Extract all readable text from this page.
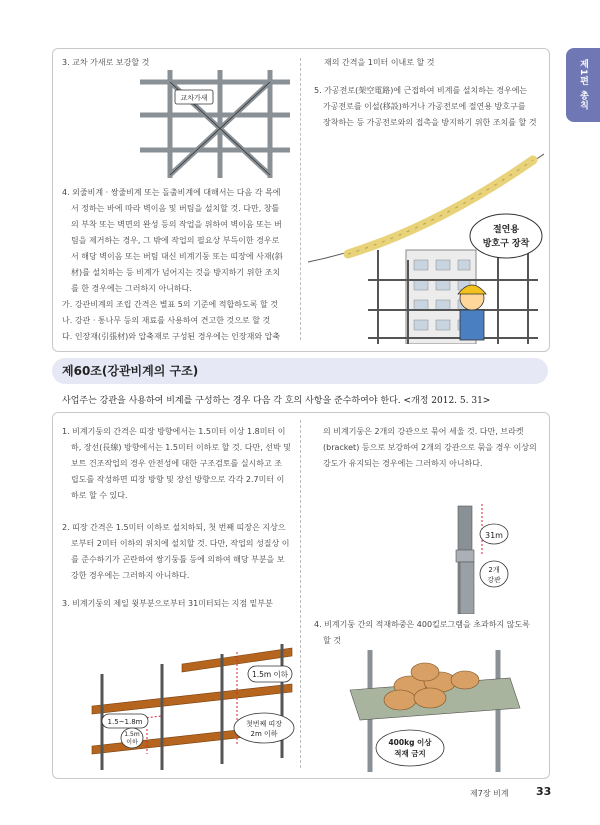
제1편 총칙
3. 교차 가새로 보강할 것
교차가새
4. 외줄비계 · 쌍줄비계 또는 돌출비계에 대해서는 다음 각 목에
서 정하는 바에 따라 벽이음 및 버팀을 설치할 것. 다만, 창틀
의 부착 또는 벽면의 완성 등의 작업을 위하여 벽이음 또는 버
팀을 제거하는 경우, 그 밖에 작업의 필요상 부득이한 경우로
서 해당 벽이음 또는 버팀 대신 비계기둥 또는 띠장에 사재(斜
材)를 설치하는 등 비계가 넘어지는 것을 방지하기 위한 조치
를 한 경우에는 그러하지 아니하다.
가. 강관비계의 조립 간격은 별표 5의 기준에 적합하도록 할 것
나. 강관 · 통나무 등의 재료를 사용하여 견고한 것으로 할 것
다. 인장재(引張材)와 압축재로 구성된 경우에는 인장재와 압축
재의 간격을 1미터 이내로 할 것
5. 가공전로(架空電路)에 근접하여 비계를 설치하는 경우에는
가공전로를 이설(移設)하거나 가공전로에 절연용 방호구를
장착하는 등 가공전로와의 접촉을 방지하기 위한 조치를 할 것
절연용
방호구 장착
제60조(강관비계의 구조)
사업주는 강관을 사용하여 비계를 구성하는 경우 다음 각 호의 사항을 준수하여야 한다. <개정 2012. 5. 31>
1. 비계기둥의 간격은 띠장 방향에서는 1.5미터 이상 1.8미터 이
하, 장선(長線) 방향에서는 1.5미터 이하로 할 것. 다만, 선박 및
보트 건조작업의 경우 안전성에 대한 구조검토를 실시하고 조
립도를 작성하면 띠장 방향 및 장선 방향으로 각각 2.7미터 이
하로 할 수 있다.
2. 띠장 간격은 1.5미터 이하로 설치하되, 첫 번째 띠장은 지상으
로부터 2미터 이하의 위치에 설치할 것. 다만, 작업의 성질상 이
를 준수하기가 곤란하여 쌍기둥틀 등에 의하여 해당 부분을 보
강한 경우에는 그러하지 아니하다.
3. 비계기둥의 제일 윗부분으로부터 31미터되는 지점 밑부분
1.5m 이하
1.5~1.8m
1.5m
이하
첫번째 띠장
2m 이하
의 비계기둥은 2개의 강관으로 묶어 세울 것. 다만, 브라켓
(bracket) 등으로 보강하여 2개의 강관으로 묶을 경우 이상의
강도가 유지되는 경우에는 그러하지 아니하다.
31m
2개
강관
4. 비계기둥 간의 적재하중은 400킬로그램을 초과하지 않도록
할 것
400kg 이상
적재 금지
제7장 비계 33
